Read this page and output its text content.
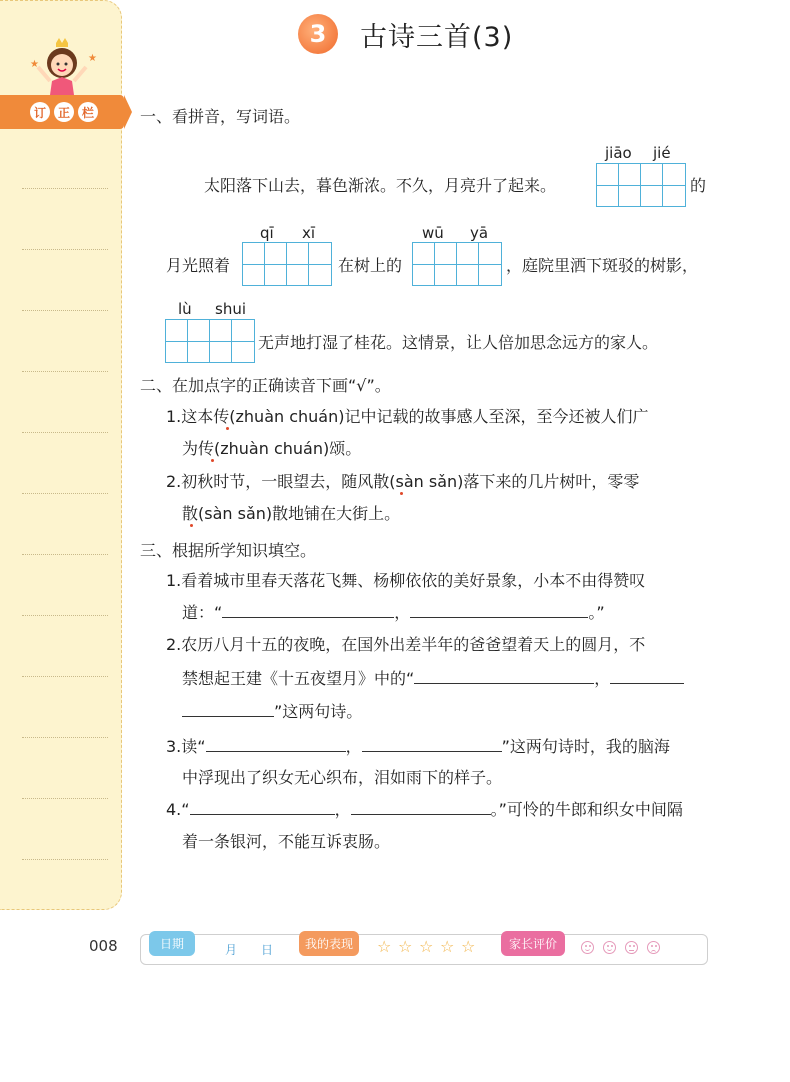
★
★
订 正 栏
3	古诗三首(3)
一、看拼音，写词语。
jiāo jié
太阳落下山去，暮色渐浓。不久，月亮升了起来。	的
qī xī	wū yā
月光照着	在树上的	，庭院里洒下斑驳的树影，
lù shui
无声地打湿了桂花。这情景，让人倍加思念远方的家人。
二、在加点字的正确读音下画“√”。
1.这本传(zhuàn chuán)记中记载的故事感人至深，至今还被人们广
为传(zhuàn chuán)颂。
2.初秋时节，一眼望去，随风散(sàn sǎn)落下来的几片树叶，零零
散(sàn sǎn)散地铺在大街上。
三、根据所学知识填空。
1.看着城市里春天落花飞舞、杨柳依依的美好景象，小本不由得赞叹
道：“	，	。”
2.农历八月十五的夜晚，在国外出差半年的爸爸望着天上的圆月，不
禁想起王建《十五夜望月》中的“	，
”这两句诗。
3.读“	，	”这两句诗时，我的脑海
中浮现出了织女无心织布，泪如雨下的样子。
4.“	，	。”可怜的牛郎和织女中间隔
着一条银河，不能互诉衷肠。
008	日期	月 日	我的表现	☆ ☆ ☆ ☆ ☆	家长评价
